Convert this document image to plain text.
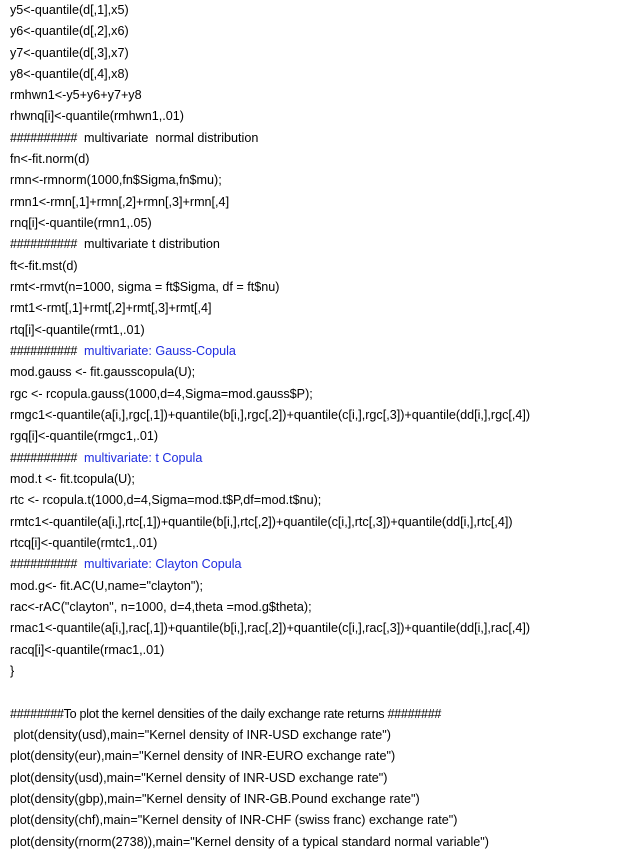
y5<-quantile(d[,1],x5)
y6<-quantile(d[,2],x6)
y7<-quantile(d[,3],x7)
y8<-quantile(d[,4],x8)
rmhwn1<-y5+y6+y7+y8
rhwnq[i]<-quantile(rmhwn1,.01)
##########  multivariate  normal distribution
fn<-fit.norm(d)
rmn<-rmnorm(1000,fn$Sigma,fn$mu);
rmn1<-rmn[,1]+rmn[,2]+rmn[,3]+rmn[,4]
rnq[i]<-quantile(rmn1,.05)
##########  multivariate t distribution
ft<-fit.mst(d)
rmt<-rmvt(n=1000, sigma = ft$Sigma, df = ft$nu)
rmt1<-rmt[,1]+rmt[,2]+rmt[,3]+rmt[,4]
rtq[i]<-quantile(rmt1,.01)
##########  multivariate: Gauss-Copula
mod.gauss <- fit.gausscopula(U);
rgc <- rcopula.gauss(1000,d=4,Sigma=mod.gauss$P);
rmgc1<-quantile(a[i,],rgc[,1])+quantile(b[i,],rgc[,2])+quantile(c[i,],rgc[,3])+quantile(dd[i,],rgc[,4])
rgq[i]<-quantile(rmgc1,.01)
##########  multivariate: t Copula
mod.t <- fit.tcopula(U);
rtc <- rcopula.t(1000,d=4,Sigma=mod.t$P,df=mod.t$nu);
rmtc1<-quantile(a[i,],rtc[,1])+quantile(b[i,],rtc[,2])+quantile(c[i,],rtc[,3])+quantile(dd[i,],rtc[,4])
rtcq[i]<-quantile(rmtc1,.01)
##########  multivariate: Clayton Copula
mod.g<- fit.AC(U,name="clayton");
rac<-rAC("clayton", n=1000, d=4,theta =mod.g$theta);
rmac1<-quantile(a[i,],rac[,1])+quantile(b[i,],rac[,2])+quantile(c[i,],rac[,3])+quantile(dd[i,],rac[,4])
racq[i]<-quantile(rmac1,.01)
}
########To plot the kernel densities of the daily exchange rate returns ########
plot(density(usd),main="Kernel density of INR-USD exchange rate")
plot(density(eur),main="Kernel density of INR-EURO exchange rate")
plot(density(usd),main="Kernel density of INR-USD exchange rate")
plot(density(gbp),main="Kernel density of INR-GB.Pound exchange rate")
plot(density(chf),main="Kernel density of INR-CHF (swiss franc) exchange rate")
plot(density(rnorm(2738)),main="Kernel density of a typical standard normal variable")
